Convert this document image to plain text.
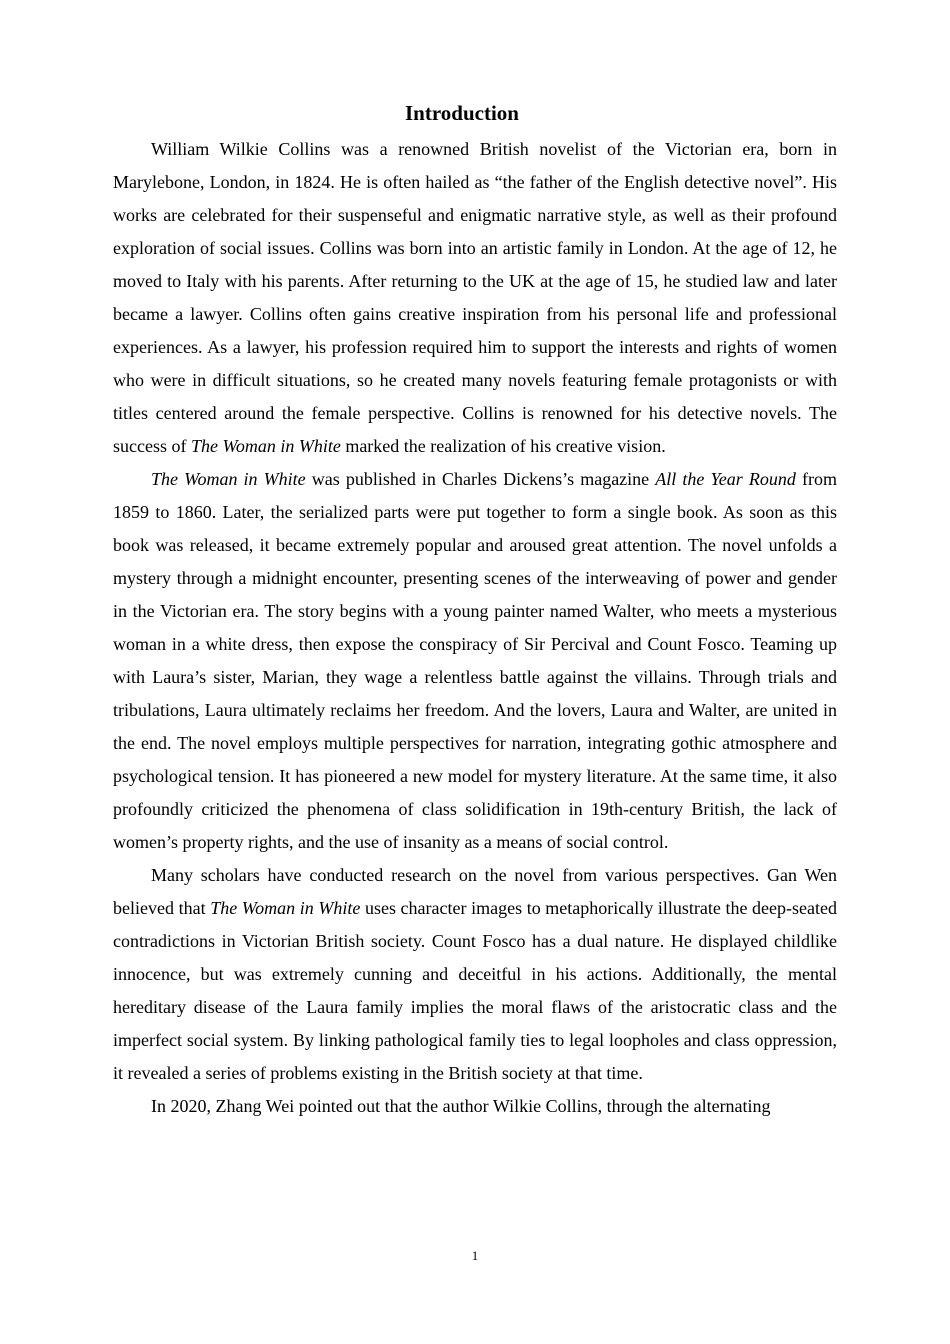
Introduction

William Wilkie Collins was a renowned British novelist of the Victorian era, born in Marylebone, London, in 1824. He is often hailed as “the father of the English detective novel”. His works are celebrated for their suspenseful and enigmatic narrative style, as well as their profound exploration of social issues. Collins was born into an artistic family in London. At the age of 12, he moved to Italy with his parents. After returning to the UK at the age of 15, he studied law and later became a lawyer. Collins often gains creative inspiration from his personal life and professional experiences. As a lawyer, his profession required him to support the interests and rights of women who were in difficult situations, so he created many novels featuring female protagonists or with titles centered around the female perspective. Collins is renowned for his detective novels. The success of The Woman in White marked the realization of his creative vision.

The Woman in White was published in Charles Dickens’s magazine All the Year Round from 1859 to 1860. Later, the serialized parts were put together to form a single book. As soon as this book was released, it became extremely popular and aroused great attention. The novel unfolds a mystery through a midnight encounter, presenting scenes of the interweaving of power and gender in the Victorian era. The story begins with a young painter named Walter, who meets a mysterious woman in a white dress, then expose the conspiracy of Sir Percival and Count Fosco. Teaming up with Laura’s sister, Marian, they wage a relentless battle against the villains. Through trials and tribulations, Laura ultimately reclaims her freedom. And the lovers, Laura and Walter, are united in the end. The novel employs multiple perspectives for narration, integrating gothic atmosphere and psychological tension. It has pioneered a new model for mystery literature. At the same time, it also profoundly criticized the phenomena of class solidification in 19th-century British, the lack of women’s property rights, and the use of insanity as a means of social control.

Many scholars have conducted research on the novel from various perspectives. Gan Wen believed that The Woman in White uses character images to metaphorically illustrate the deep-seated contradictions in Victorian British society. Count Fosco has a dual nature. He displayed childlike innocence, but was extremely cunning and deceitful in his actions. Additionally, the mental hereditary disease of the Laura family implies the moral flaws of the aristocratic class and the imperfect social system. By linking pathological family ties to legal loopholes and class oppression, it revealed a series of problems existing in the British society at that time.

In 2020, Zhang Wei pointed out that the author Wilkie Collins, through the alternating

1
